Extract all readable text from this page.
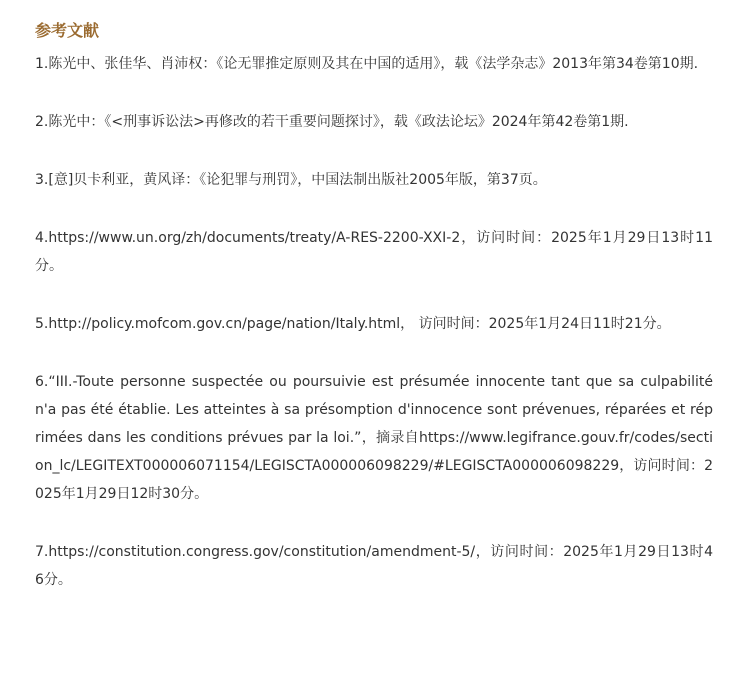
参考文献
1.陈光中、张佳华、肖沛权：《论无罪推定原则及其在中国的适用》，载《法学杂志》2013年第34卷第10期.
2.陈光中：《<刑事诉讼法>再修改的若干重要问题探讨》，载《政法论坛》2024年第42卷第1期.
3.[意]贝卡利亚，黄风译：《论犯罪与刑罚》，中国法制出版社2005年版，第37页。
4.https://www.un.org/zh/documents/treaty/A-RES-2200-XXI-2，访问时间：2025年1月29日13时11分。
5.http://policy.mofcom.gov.cn/page/nation/Italy.html， 访问时间：2025年1月24日11时21分。
6.“III.-Toute personne suspectée ou poursuivie est présumée innocente tant que sa culpabilité n'a pas été établie. Les atteintes à sa présomption d'innocence sont prévenues, réparées et réprimées dans les conditions prévues par la loi.”，摘录自https://www.legifrance.gouv.fr/codes/section_lc/LEGITEXT000006071154/LEGISCTA000006098229/#LEGISCTA000006098229，访问时间：2025年1月29日12时30分。
7.https://constitution.congress.gov/constitution/amendment-5/，访问时间：2025年1月29日13时46分。
